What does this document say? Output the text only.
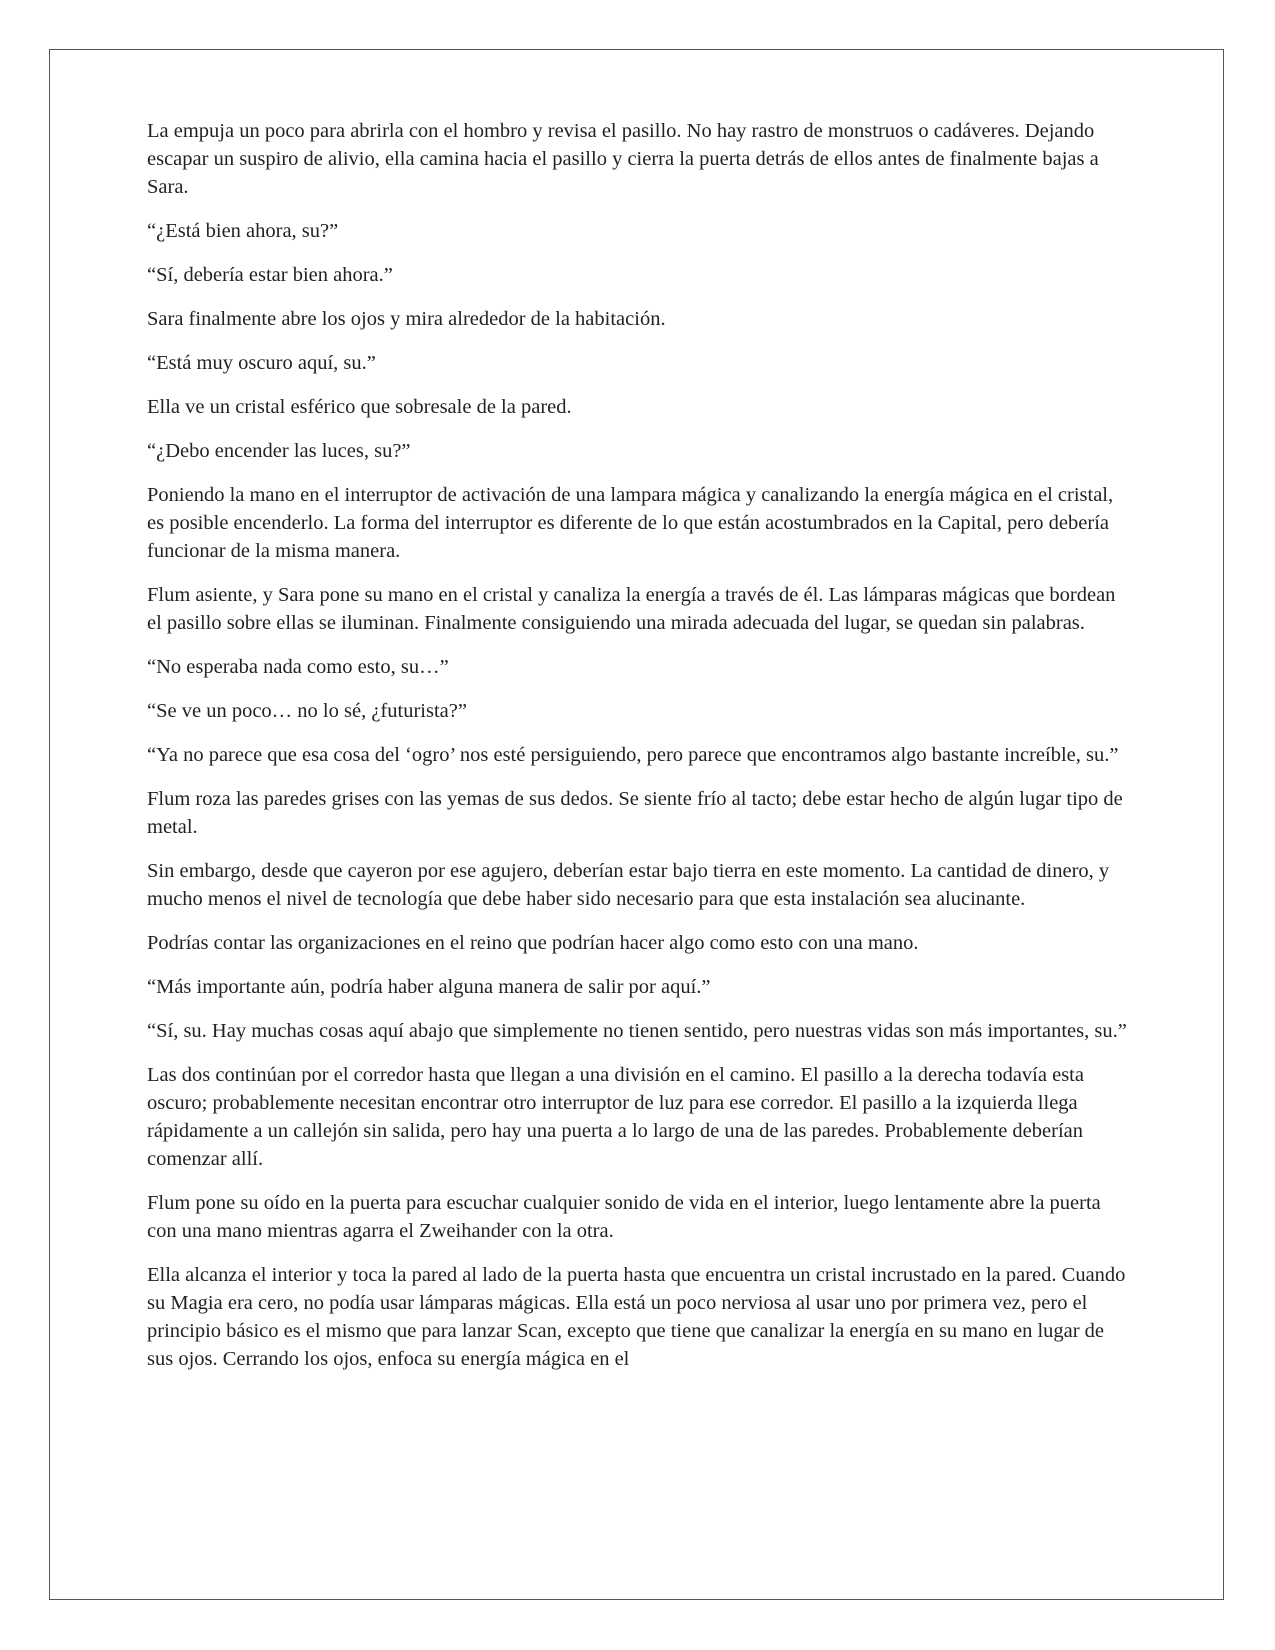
La empuja un poco para abrirla con el hombro y revisa el pasillo. No hay rastro de monstruos o cadáveres. Dejando escapar un suspiro de alivio, ella camina hacia el pasillo y cierra la puerta detrás de ellos antes de finalmente bajas a Sara.

“¿Está bien ahora, su?”

“Sí, debería estar bien ahora.”

Sara finalmente abre los ojos y mira alrededor de la habitación.

“Está muy oscuro aquí, su.”

Ella ve un cristal esférico que sobresale de la pared.

“¿Debo encender las luces, su?”

Poniendo la mano en el interruptor de activación de una lampara mágica y canalizando la energía mágica en el cristal, es posible encenderlo. La forma del interruptor es diferente de lo que están acostumbrados en la Capital, pero debería funcionar de la misma manera.

Flum asiente, y Sara pone su mano en el cristal y canaliza la energía a través de él. Las lámparas mágicas que bordean el pasillo sobre ellas se iluminan. Finalmente consiguiendo una mirada adecuada del lugar, se quedan sin palabras.

“No esperaba nada como esto, su…”

“Se ve un poco… no lo sé, ¿futurista?”

“Ya no parece que esa cosa del ‘ogro’ nos esté persiguiendo, pero parece que encontramos algo bastante increíble, su.”

Flum roza las paredes grises con las yemas de sus dedos. Se siente frío al tacto; debe estar hecho de algún lugar tipo de metal.

Sin embargo, desde que cayeron por ese agujero, deberían estar bajo tierra en este momento. La cantidad de dinero, y mucho menos el nivel de tecnología que debe haber sido necesario para que esta instalación sea alucinante.

Podrías contar las organizaciones en el reino que podrían hacer algo como esto con una mano.

“Más importante aún, podría haber alguna manera de salir por aquí.”

“Sí, su. Hay muchas cosas aquí abajo que simplemente no tienen sentido, pero nuestras vidas son más importantes, su.”

Las dos continúan por el corredor hasta que llegan a una división en el camino. El pasillo a la derecha todavía esta oscuro; probablemente necesitan encontrar otro interruptor de luz para ese corredor. El pasillo a la izquierda llega rápidamente a un callejón sin salida, pero hay una puerta a lo largo de una de las paredes. Probablemente deberían comenzar allí.

Flum pone su oído en la puerta para escuchar cualquier sonido de vida en el interior, luego lentamente abre la puerta con una mano mientras agarra el Zweihander con la otra.

Ella alcanza el interior y toca la pared al lado de la puerta hasta que encuentra un cristal incrustado en la pared. Cuando su Magia era cero, no podía usar lámparas mágicas. Ella está un poco nerviosa al usar uno por primera vez, pero el principio básico es el mismo que para lanzar Scan, excepto que tiene que canalizar la energía en su mano en lugar de sus ojos. Cerrando los ojos, enfoca su energía mágica en el
